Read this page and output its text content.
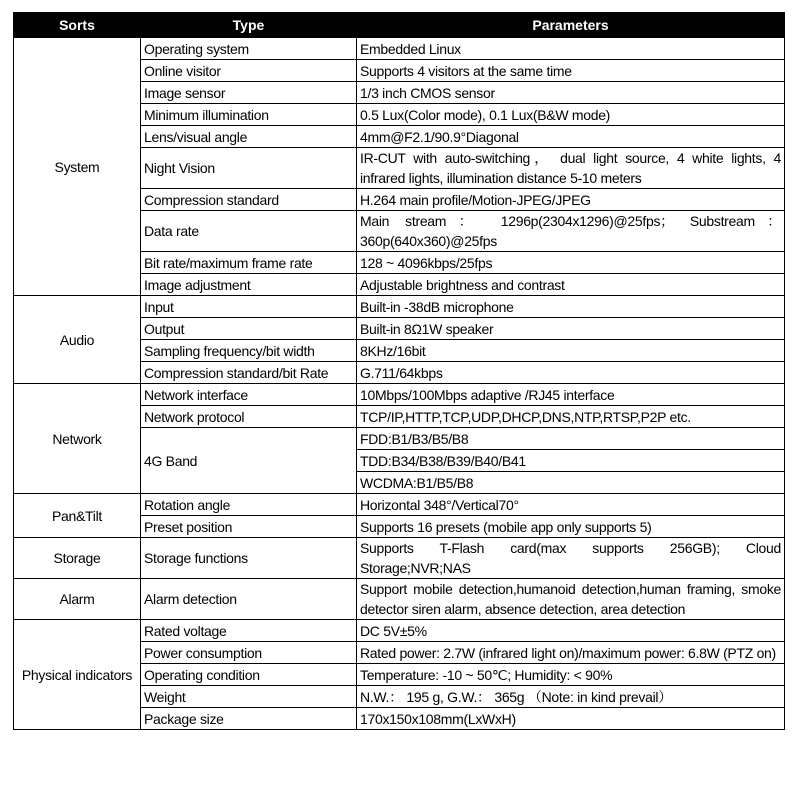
Sorts	Type	Parameters
System	Operating system	Embedded Linux
	Online visitor	Supports 4 visitors at the same time
	Image sensor	1/3 inch CMOS sensor
	Minimum illumination	0.5 Lux(Color mode), 0.1 Lux(B&W mode)
	Lens/visual angle	4mm@F2.1/90.9°Diagonal
	Night Vision	IR-CUT with auto-switching， dual light source, 4 white lights, 4 infrared lights, illumination distance 5-10 meters
	Compression standard	H.264 main profile/Motion-JPEG/JPEG
	Data rate	Main stream： 1296p(2304x1296)@25fps； Substream： 360p(640x360)@25fps
	Bit rate/maximum frame rate	128 ~ 4096kbps/25fps
	Image adjustment	Adjustable brightness and contrast
Audio	Input	Built-in -38dB microphone
	Output	Built-in 8Ω1W speaker
	Sampling frequency/bit width	8KHz/16bit
	Compression standard/bit Rate	G.711/64kbps
Network	Network interface	10Mbps/100Mbps adaptive /RJ45 interface
	Network protocol	TCP/IP,HTTP,TCP,UDP,DHCP,DNS,NTP,RTSP,P2P etc.
	4G Band	FDD:B1/B3/B5/B8
		TDD:B34/B38/B39/B40/B41
		WCDMA:B1/B5/B8
Pan&Tilt	Rotation angle	Horizontal 348°/Vertical70°
	Preset position	Supports 16 presets (mobile app only supports 5)
Storage	Storage functions	Supports T-Flash card(max supports 256GB); Cloud Storage;NVR;NAS
Alarm	Alarm detection	Support mobile detection,humanoid detection,human framing, smoke detector siren alarm, absence detection, area detection
Physical indicators	Rated voltage	DC 5V±5%
	Power consumption	Rated power: 2.7W (infrared light on)/maximum power: 6.8W (PTZ on)
	Operating condition	Temperature: -10 ~ 50℃; Humidity: < 90%
	Weight	N.W.： 195 g, G.W.： 365g （Note: in kind prevail）
	Package size	170x150x108mm(LxWxH)
